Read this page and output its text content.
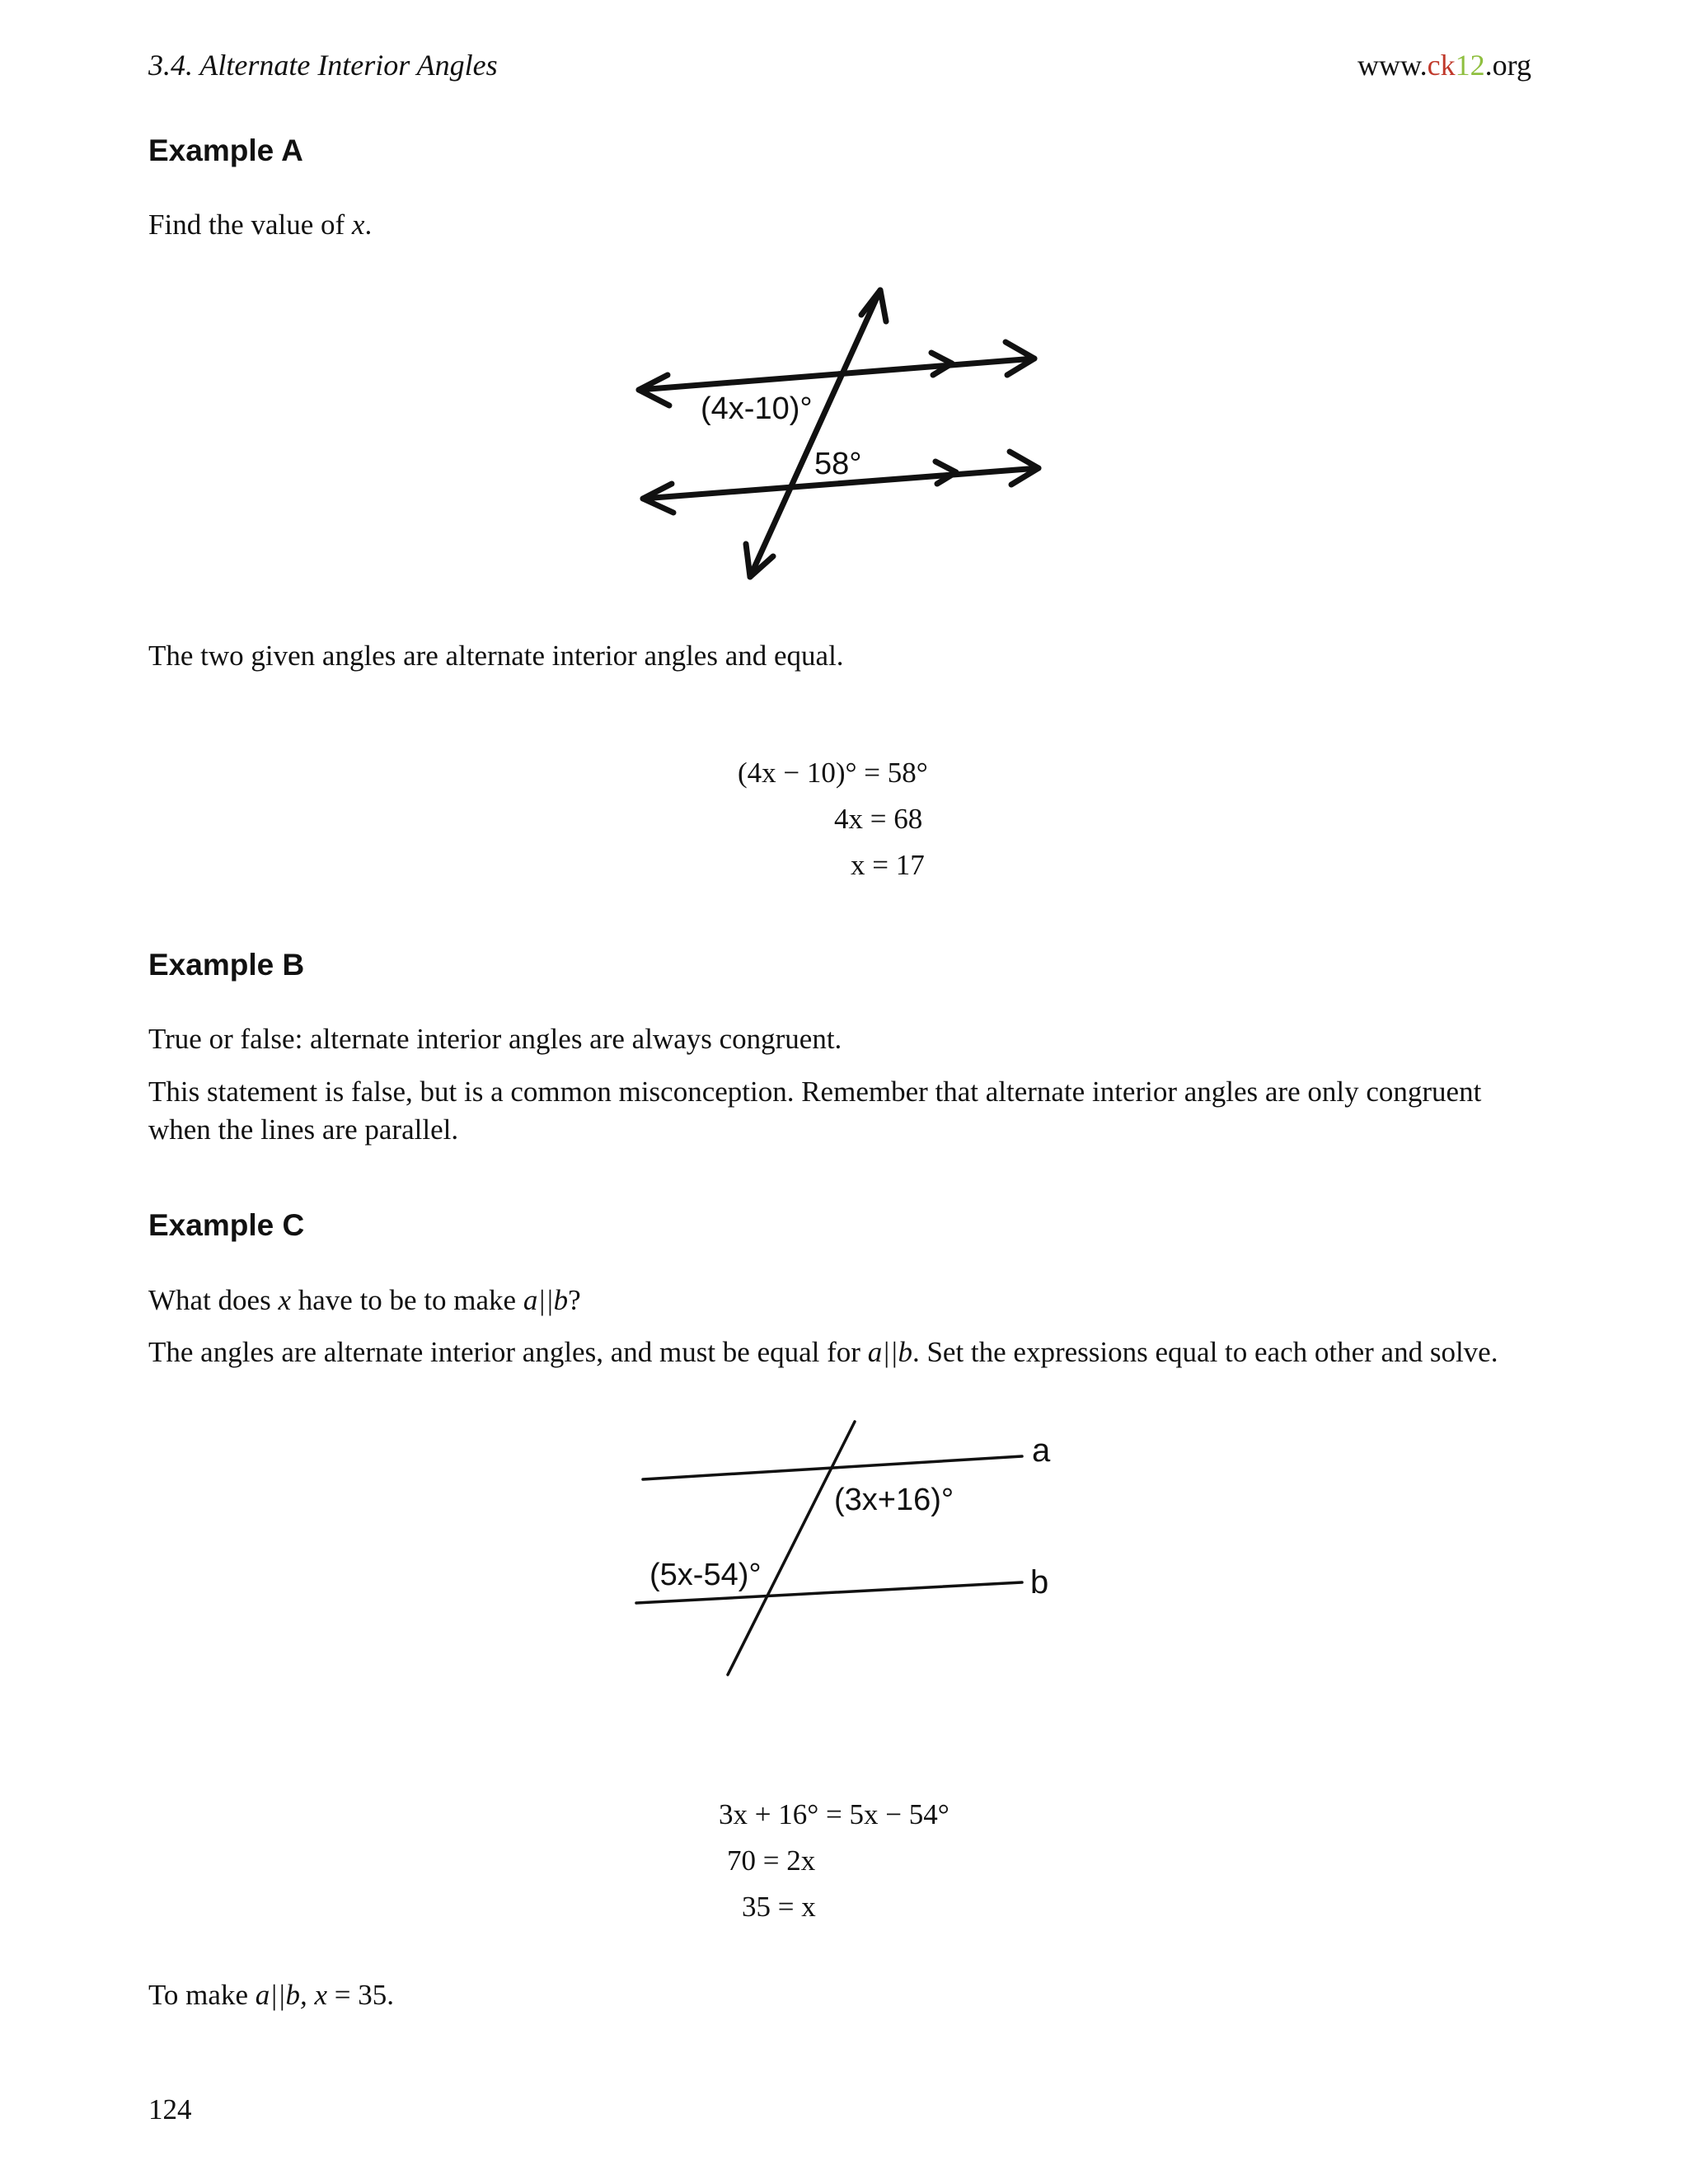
3.4. Alternate Interior Angles	www.ck12.org
Example A

Find the value of x.

(4x-10)°
58°

The two given angles are alternate interior angles and equal.

(4x − 10)° = 58°
4x = 68
x = 17
Example B

True or false: alternate interior angles are always congruent.

This statement is false, but is a common misconception. Remember that alternate interior angles are only congruent when the lines are parallel.

Example C

What does x have to be to make a||b?

The angles are alternate interior angles, and must be equal for a||b. Set the expressions equal to each other and solve.

a
b
(3x+16)°
(5x-54)°
3x + 16° = 5x − 54°
70 = 2x
35 = x

To make a||b, x = 35.

124
